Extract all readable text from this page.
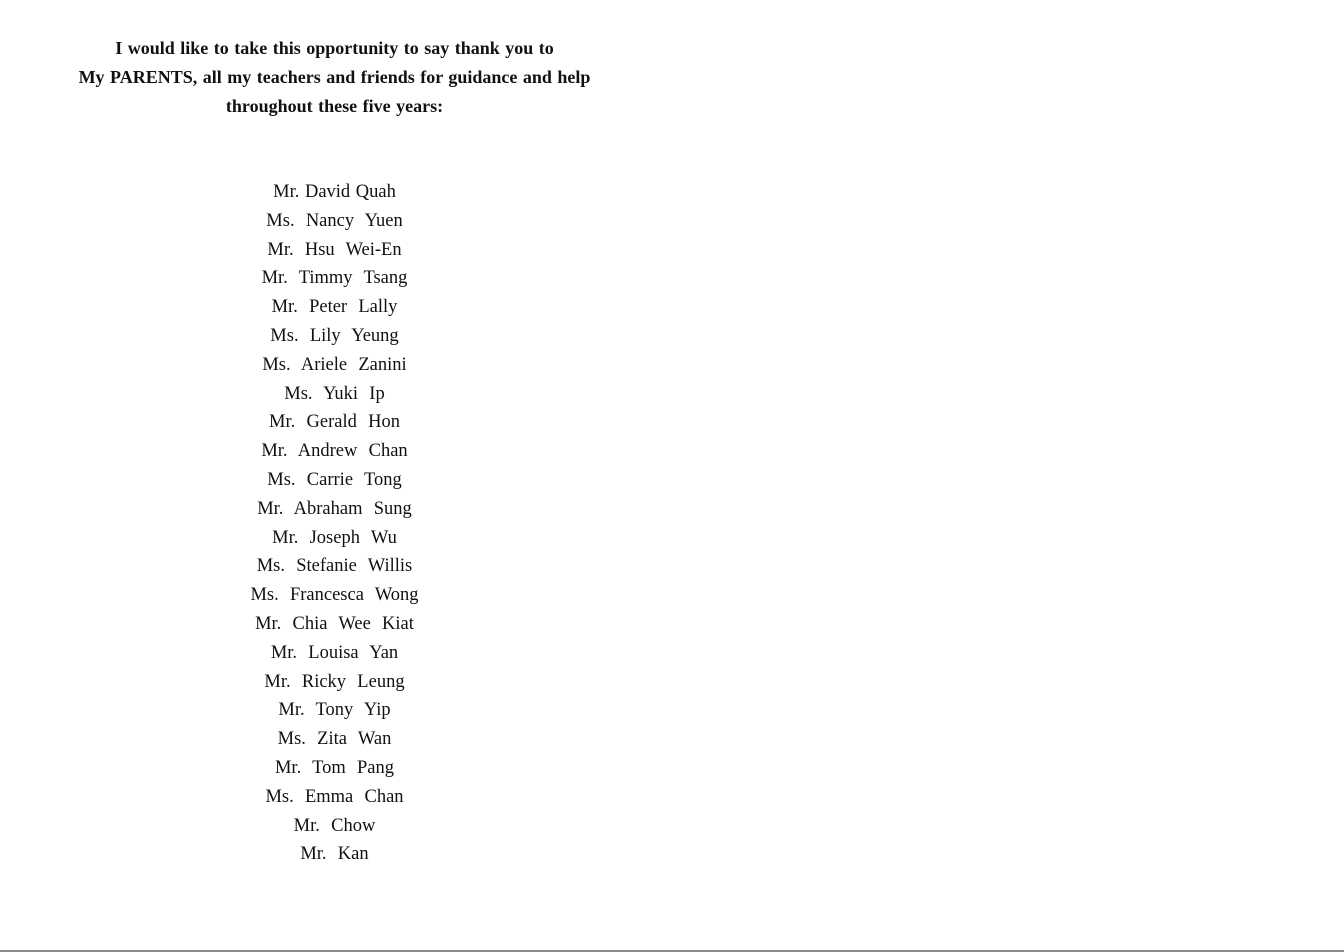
I would like to take this opportunity to say thank you to
My PARENTS, all my teachers and friends for guidance and help
throughout these five years:
Mr. David Quah
Ms.  Nancy  Yuen
Mr.  Hsu  Wei-En
Mr.  Timmy  Tsang
Mr.  Peter  Lally
Ms.  Lily  Yeung
Ms.  Ariele  Zanini
Ms.  Yuki  Ip
Mr.  Gerald  Hon
Mr.  Andrew  Chan
Ms.  Carrie  Tong
Mr.  Abraham  Sung
Mr.  Joseph  Wu
Ms.  Stefanie  Willis
Ms.  Francesca  Wong
Mr.  Chia  Wee  Kiat
Mr.  Louisa  Yan
Mr.  Ricky  Leung
Mr.  Tony  Yip
Ms.  Zita  Wan
Mr.  Tom  Pang
Ms.  Emma  Chan
Mr.  Chow
Mr.  Kan
